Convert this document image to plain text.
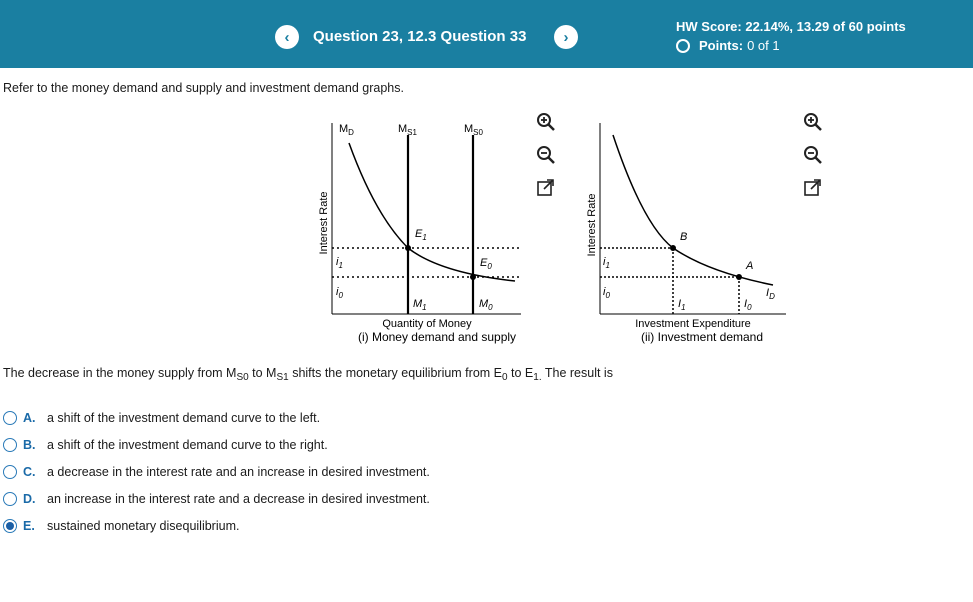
‹	Question 23, 12.3 Question 33	›
HW Score: 22.14%, 13.29 of 60 points
Points: 0 of 1
Refer to the money demand and supply and investment demand graphs.
Interest Rate
$M_D$	$M_{S1}$	$M_{S0}$
$E_1$
$E_0$
$i_1$
$i_0$
$M_1$	$M_0$
Quantity of Money
(i) Money demand and supply
Interest Rate	B
A
$I_D$
$i_1$
$i_0$
$I_1$	$I_0$
Investment Expenditure
(ii) Investment demand
The decrease in the money supply from $M_{S0}$ to $M_{S1}$ shifts the monetary equilibrium from $E_0$ to $E_{1.}$ The result is
A. a shift of the investment demand curve to the left.
B. a shift of the investment demand curve to the right.
C. a decrease in the interest rate and an increase in desired investment.
D. an increase in the interest rate and a decrease in desired investment.
E. sustained monetary disequilibrium.
